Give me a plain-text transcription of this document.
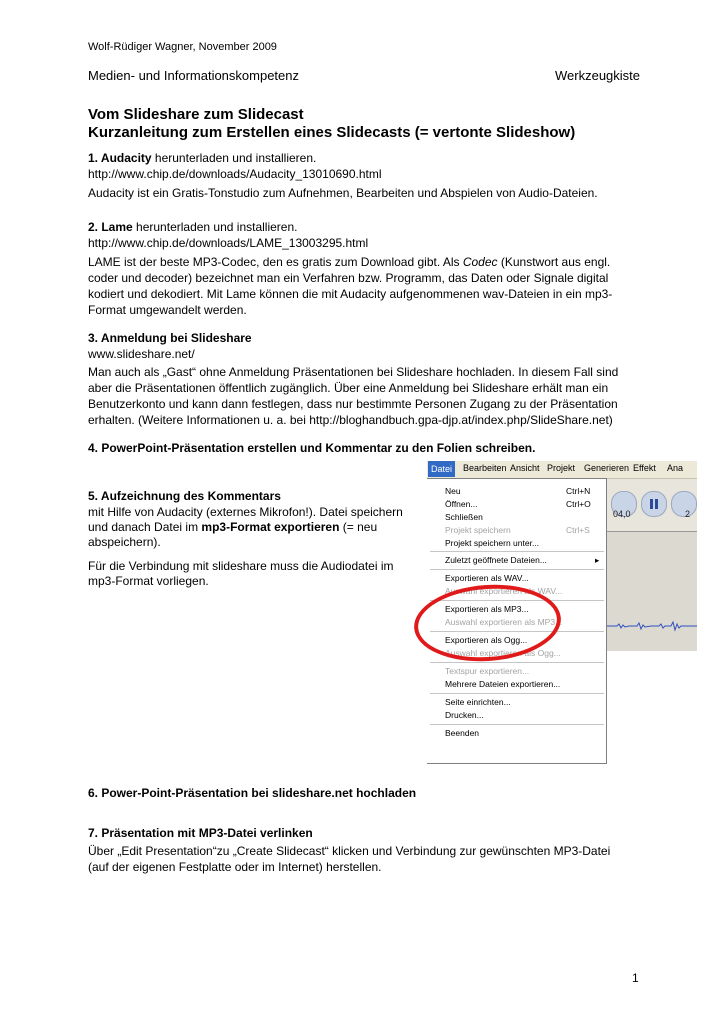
Wolf-Rüdiger Wagner, November 2009
Medien- und Informationskompetenz	Werkzeugkiste
Vom Slideshare zum Slidecast
Kurzanleitung zum Erstellen eines Slidecasts (= vertonte Slideshow)
1. Audacity herunterladen und installieren.
http://www.chip.de/downloads/Audacity_13010690.html
Audacity ist ein Gratis-Tonstudio zum Aufnehmen, Bearbeiten und Abspielen von Audio-Dateien.
2. Lame herunterladen und installieren.
http://www.chip.de/downloads/LAME_13003295.html
LAME ist der beste MP3-Codec, den es gratis zum Download gibt. Als Codec (Kunstwort aus engl.
coder und decoder) bezeichnet man ein Verfahren bzw. Programm, das Daten oder Signale digital
kodiert und dekodiert. Mit Lame können die mit Audacity aufgenommenen wav-Dateien in ein mp3-
Format umgewandelt werden.
3. Anmeldung bei Slideshare
www.slideshare.net/
Man auch als „Gast“ ohne Anmeldung Präsentationen bei Slideshare hochladen. In diesem Fall sind
aber die Präsentationen öffentlich zugänglich. Über eine Anmeldung bei Slideshare erhält man ein
Benutzerkonto und kann dann festlegen, dass nur bestimmte Personen Zugang zu der Präsentation
erhalten. (Weitere Informationen u. a. bei http://bloghandbuch.gpa-djp.at/index.php/SlideShare.net)
4. PowerPoint-Präsentation erstellen und Kommentar zu den Folien schreiben.
5. Aufzeichnung des Kommentars
mit Hilfe von Audacity (externes Mikrofon!). Datei speichern
und danach Datei im mp3-Format exportieren (= neu
abspeichern).
Für die Verbindung mit slideshare muss die Audiodatei im
mp3-Format vorliegen.
Datei	Bearbeiten Ansicht Projekt Generieren Effekt Ana
04,0	2
Neu	Ctrl+N
Öffnen...	Ctrl+O
Schließen
Projekt speichern	Ctrl+S
Projekt speichern unter...
Zuletzt geöffnete Dateien...
Exportieren als WAV...
Auswahl exportieren als WAV...
Exportieren als MP3...
Auswahl exportieren als MP3...
Exportieren als Ogg...
Auswahl exportieren als Ogg...
Textspur exportieren...
Mehrere Dateien exportieren...
Seite einrichten...
Drucken...
Beenden
▸
6. Power-Point-Präsentation bei slideshare.net hochladen
7. Präsentation mit MP3-Datei verlinken
Über „Edit Presentation“zu „Create Slidecast“ klicken und Verbindung zur gewünschten MP3-Datei
(auf der eigenen Festplatte oder im Internet) herstellen.
1
